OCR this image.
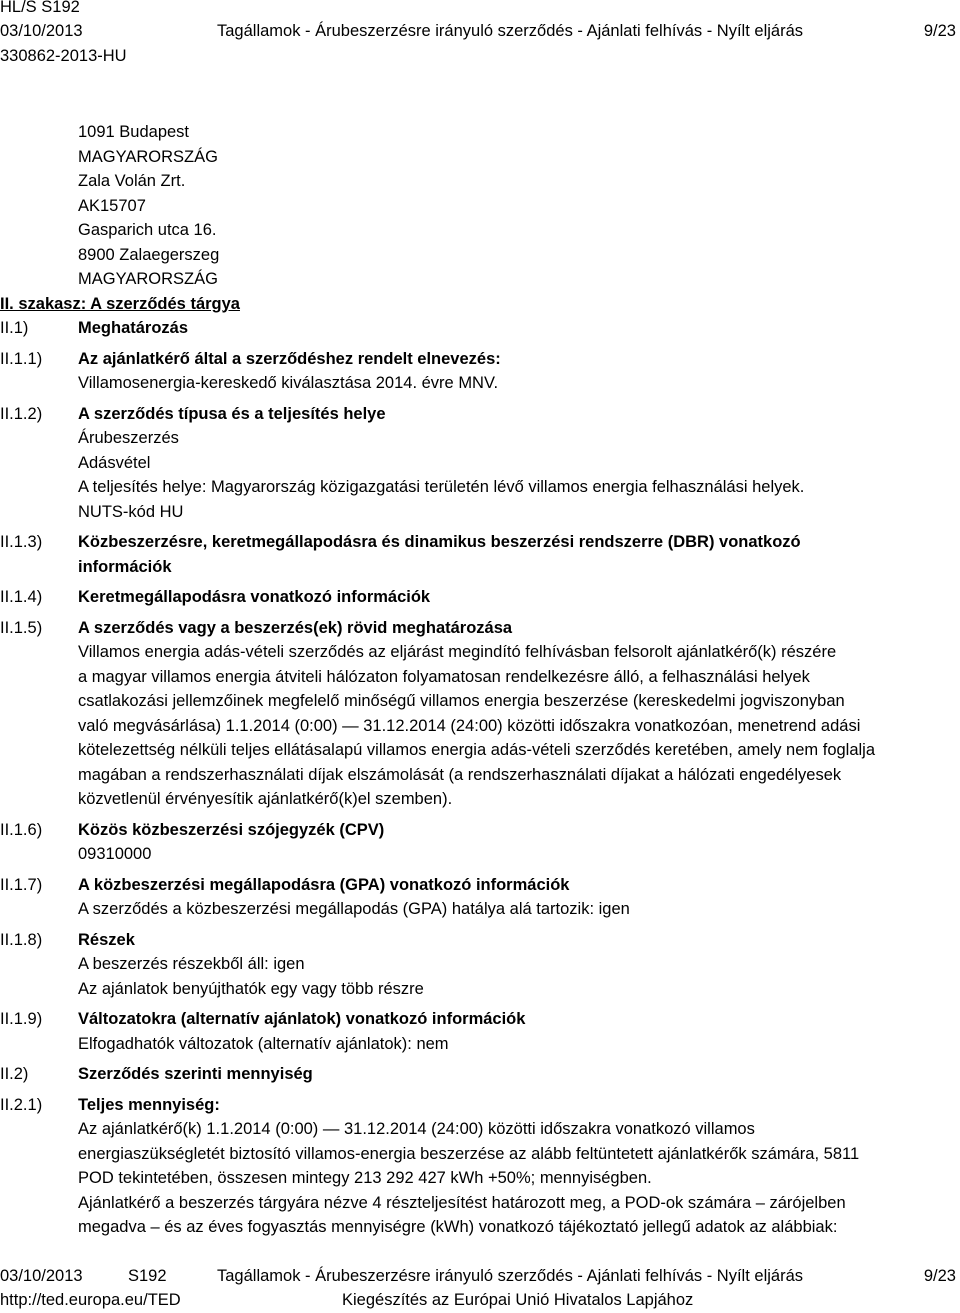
HL/S S192
03/10/2013	Tagállamok - Árubeszerzésre irányuló szerződés - Ajánlati felhívás - Nyílt eljárás	9/23
330862-2013-HU
1091 Budapest
MAGYARORSZÁG
Zala Volán Zrt.
AK15707
Gasparich utca 16.
8900 Zalaegerszeg
MAGYARORSZÁG
II. szakasz: A szerződés tárgya
II.1)	Meghatározás
II.1.1)	Az ajánlatkérő által a szerződéshez rendelt elnevezés:
Villamosenergia-kereskedő kiválasztása 2014. évre MNV.
II.1.2)	A szerződés típusa és a teljesítés helye
Árubeszerzés
Adásvétel
A teljesítés helye: Magyarország közigazgatási területén lévő villamos energia felhasználási helyek.
NUTS-kód HU
II.1.3)	Közbeszerzésre, keretmegállapodásra és dinamikus beszerzési rendszerre (DBR) vonatkozó
információk
II.1.4)	Keretmegállapodásra vonatkozó információk
II.1.5)	A szerződés vagy a beszerzés(ek) rövid meghatározása
Villamos energia adás-vételi szerződés az eljárást megindító felhívásban felsorolt ajánlatkérő(k) részére
a magyar villamos energia átviteli hálózaton folyamatosan rendelkezésre álló, a felhasználási helyek
csatlakozási jellemzőinek megfelelő minőségű villamos energia beszerzése (kereskedelmi jogviszonyban
való megvásárlása) 1.1.2014 (0:00) — 31.12.2014 (24:00) közötti időszakra vonatkozóan, menetrend adási
kötelezettség nélküli teljes ellátásalapú villamos energia adás-vételi szerződés keretében, amely nem foglalja
magában a rendszerhasználati díjak elszámolását (a rendszerhasználati díjakat a hálózati engedélyesek
közvetlenül érvényesítik ajánlatkérő(k)el szemben).
II.1.6)	Közös közbeszerzési szójegyzék (CPV)
09310000
II.1.7)	A közbeszerzési megállapodásra (GPA) vonatkozó információk
A szerződés a közbeszerzési megállapodás (GPA) hatálya alá tartozik: igen
II.1.8)	Részek
A beszerzés részekből áll: igen
Az ajánlatok benyújthatók egy vagy több részre
II.1.9)	Változatokra (alternatív ajánlatok) vonatkozó információk
Elfogadhatók változatok (alternatív ajánlatok): nem
II.2)	Szerződés szerinti mennyiség
II.2.1)	Teljes mennyiség:
Az ajánlatkérő(k) 1.1.2014 (0:00) — 31.12.2014 (24:00) közötti időszakra vonatkozó villamos
energiaszükségletét biztosító villamos-energia beszerzése az alább feltüntetett ajánlatkérők számára, 5811
POD tekintetében, összesen mintegy 213 292 427 kWh +50%; mennyiségben.
Ajánlatkérő a beszerzés tárgyára nézve 4 részteljesítést határozott meg, a POD-ok számára – zárójelben
megadva – és az éves fogyasztás mennyiségre (kWh) vonatkozó tájékoztató jellegű adatok az alábbiak:
03/10/2013	S192	Tagállamok - Árubeszerzésre irányuló szerződés - Ajánlati felhívás - Nyílt eljárás	9/23
http://ted.europa.eu/TED	Kiegészítés az Európai Unió Hivatalos Lapjához
